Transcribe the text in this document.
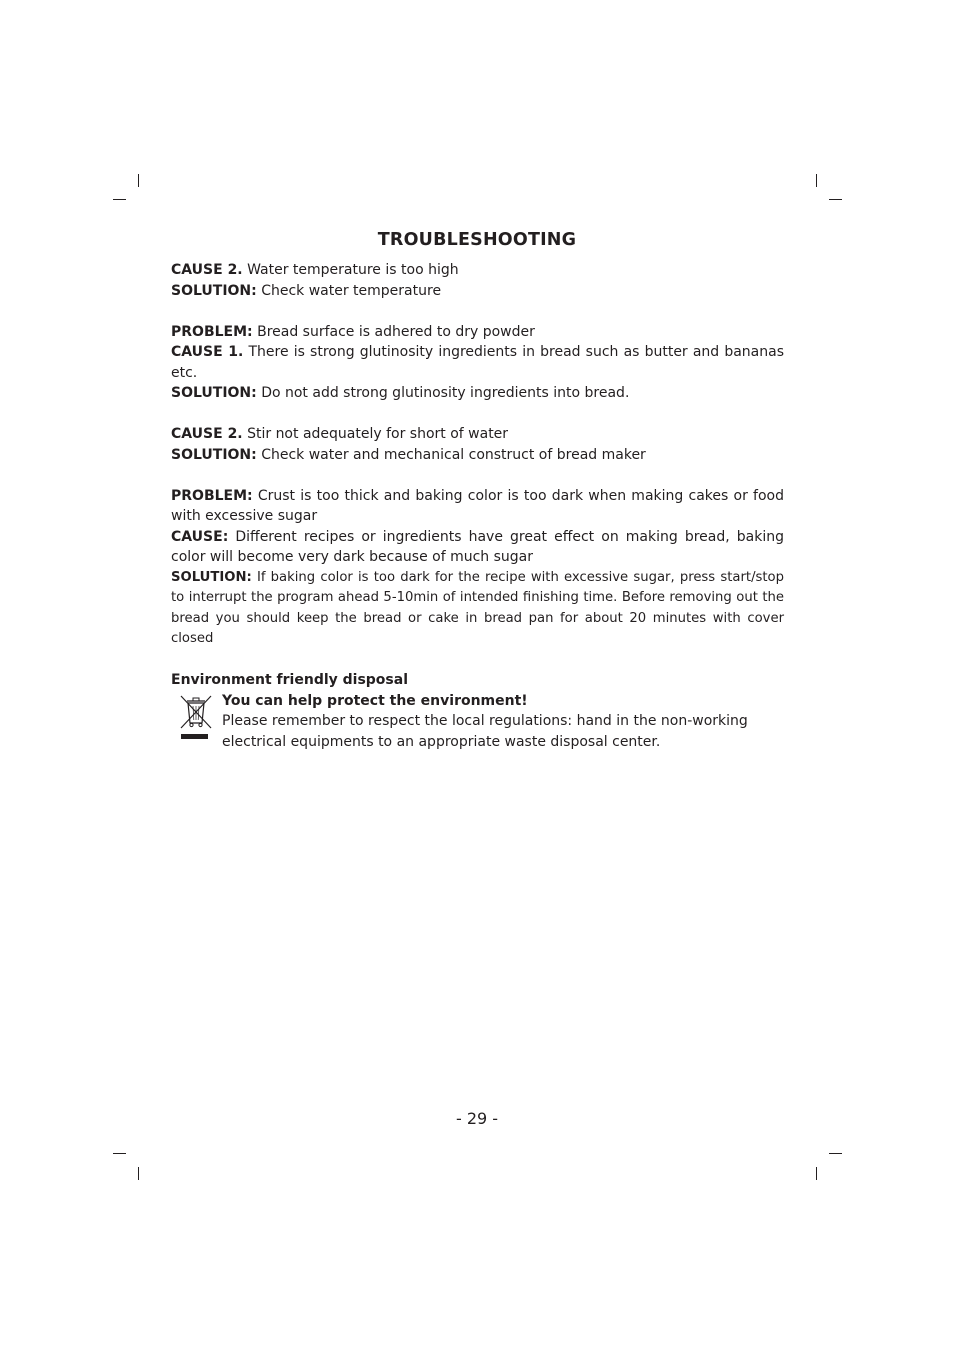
TROUBLESHOOTING

CAUSE 2. Water temperature is too high

SOLUTION: Check water temperature

PROBLEM: Bread surface is adhered to dry powder

CAUSE 1. There is strong glutinosity ingredients in bread such as butter and bananas etc.

SOLUTION: Do not add strong glutinosity ingredients into bread.

CAUSE 2. Stir not adequately for short of water

SOLUTION: Check water and mechanical construct of bread maker

PROBLEM: Crust is too thick and baking color is too dark when making cakes or food with excessive sugar

CAUSE: Different recipes or ingredients have great effect on making bread, baking color will become very dark because of much sugar

SOLUTION: If baking color is too dark for the recipe with excessive sugar, press start/stop to interrupt the program ahead 5-10min of intended finishing time. Before removing out the bread you should keep the bread or cake in bread pan for about 20 minutes with cover closed

Environment friendly disposal

You can help protect the environment!

Please remember to respect the local regulations: hand in the non-working electrical equipments to an appropriate waste disposal center.

- 29 -
